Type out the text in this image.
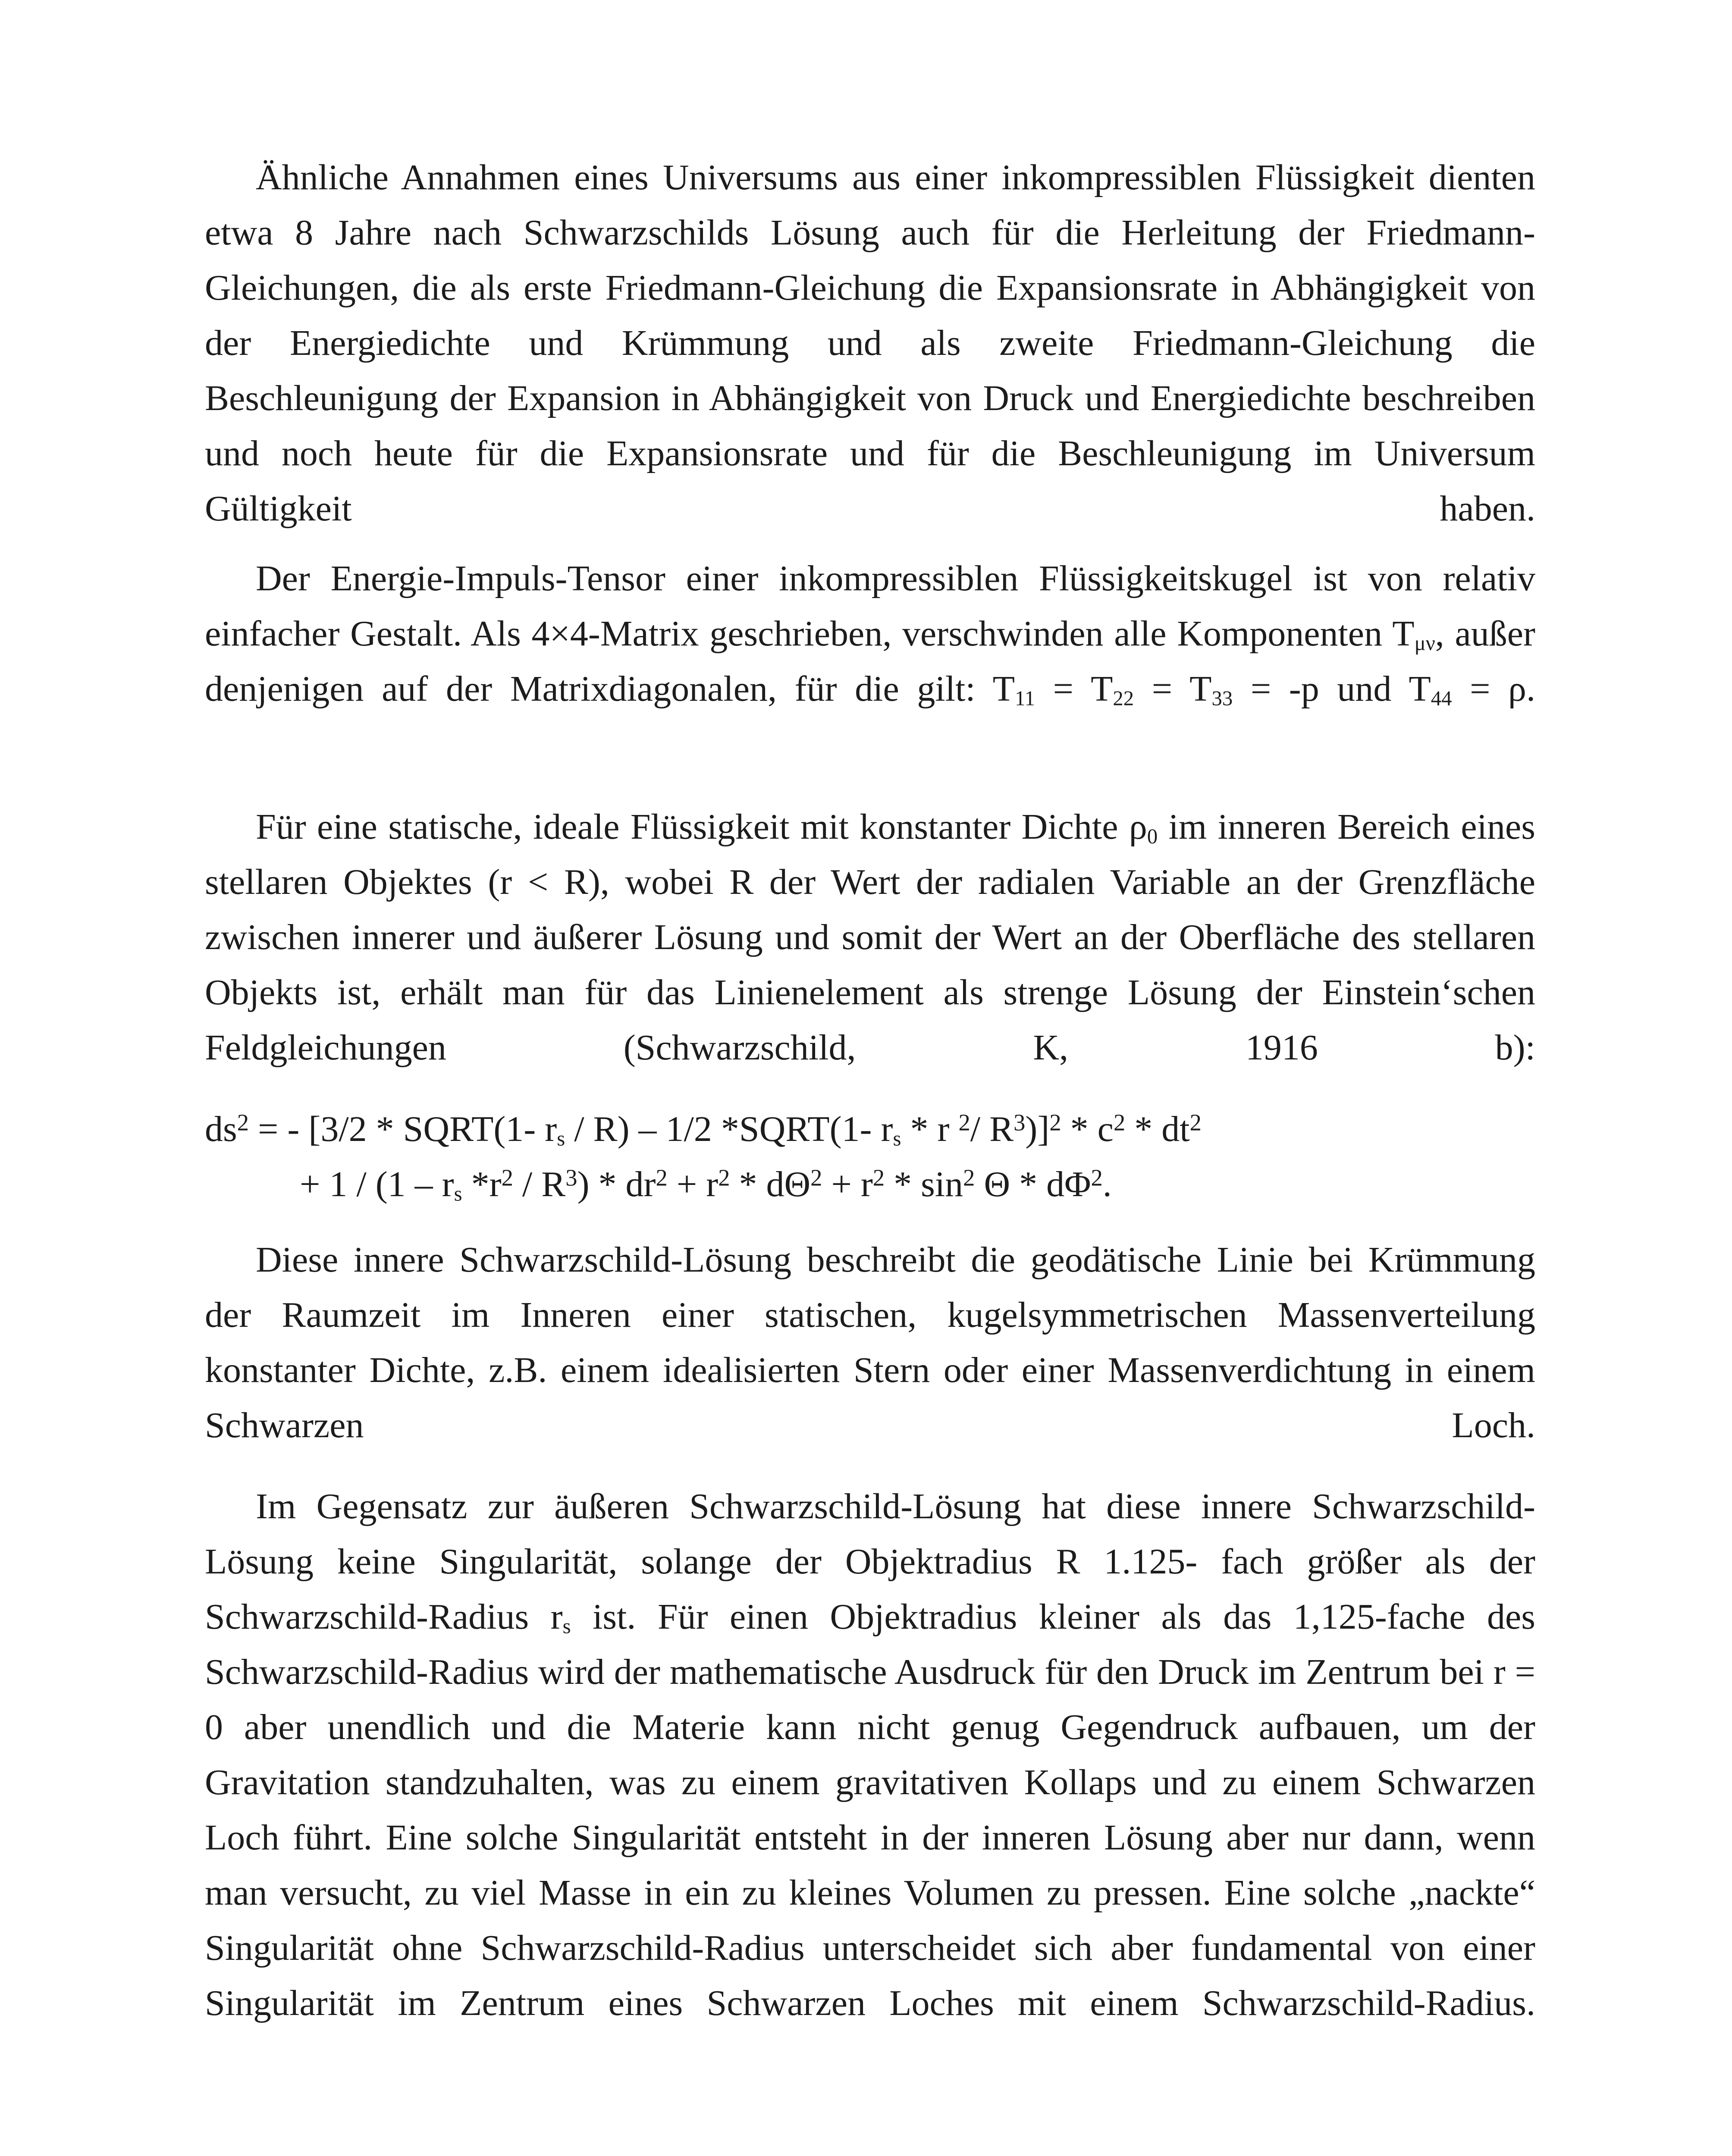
Ähnliche Annahmen eines Universums aus einer inkompressiblen Flüssigkeit dienten etwa 8 Jahre nach Schwarzschilds Lösung auch für die Herleitung der Friedmann-Gleichungen, die als erste Friedmann-Gleichung die Expansionsrate in Abhängigkeit von der Energiedichte und Krümmung und als zweite Friedmann-Gleichung die Beschleunigung der Expansion in Abhängigkeit von Druck und Energiedichte beschreiben und noch heute für die Expansionsrate und für die Beschleunigung im Universum Gültigkeit haben.

Der Energie-Impuls-Tensor einer inkompressiblen Flüssigkeitskugel ist von relativ einfacher Gestalt. Als 4×4-Matrix geschrieben, verschwinden alle Komponenten $T_{\mu\nu}$, außer denjenigen auf der Matrixdiagonalen, für die gilt: $T_{11} = T_{22} = T_{33} = -p$ und $T_{44} = \rho$.

Für eine statische, ideale Flüssigkeit mit konstanter Dichte $\rho_0$ im inneren Bereich eines stellaren Objektes (r < R), wobei R der Wert der radialen Variable an der Grenzfläche zwischen innerer und äußerer Lösung und somit der Wert an der Oberfläche des stellaren Objekts ist, erhält man für das Linienelement als strenge Lösung der Einstein‘schen Feldgleichungen (Schwarzschild, K, 1916 b):

$ds^2$ = - [3/2 * SQRT(1- $r_s / R) - 1/2$ *SQRT(1- $r_s$ * r $^2$/ $R^3)]^2 * c^2 * dt^2$
+ $1 / (1 - r_s$ $*r^2 / R^3) * dr^2 + r^2 * d\Theta^2 + r^2 * \sin^2 \Theta * d\Phi^2$.

Diese innere Schwarzschild-Lösung beschreibt die geodätische Linie bei Krümmung der Raumzeit im Inneren einer statischen, kugelsymmetrischen Massenverteilung konstanter Dichte, z.B. einem idealisierten Stern oder einer Massenverdichtung in einem Schwarzen Loch.

Im Gegensatz zur äußeren Schwarzschild-Lösung hat diese innere Schwarzschild-Lösung keine Singularität, solange der Objektradius R 1.125- fach größer als der Schwarzschild-Radius $r_s$ ist. Für einen Objektradius kleiner als das 1,125-fache des Schwarzschild-Radius wird der mathematische Ausdruck für den Druck im Zentrum bei r = 0 aber unendlich und die Materie kann nicht genug Gegendruck aufbauen, um der Gravitation standzuhalten, was zu einem gravitativen Kollaps und zu einem Schwarzen Loch führt. Eine solche Singularität entsteht in der inneren Lösung aber nur dann, wenn man versucht, zu viel Masse in ein zu kleines Volumen zu pressen. Eine solche „nackte“ Singularität ohne Schwarzschild-Radius unterscheidet sich aber fundamental von einer Singularität im Zentrum eines Schwarzen Loches mit einem Schwarzschild-Radius.
